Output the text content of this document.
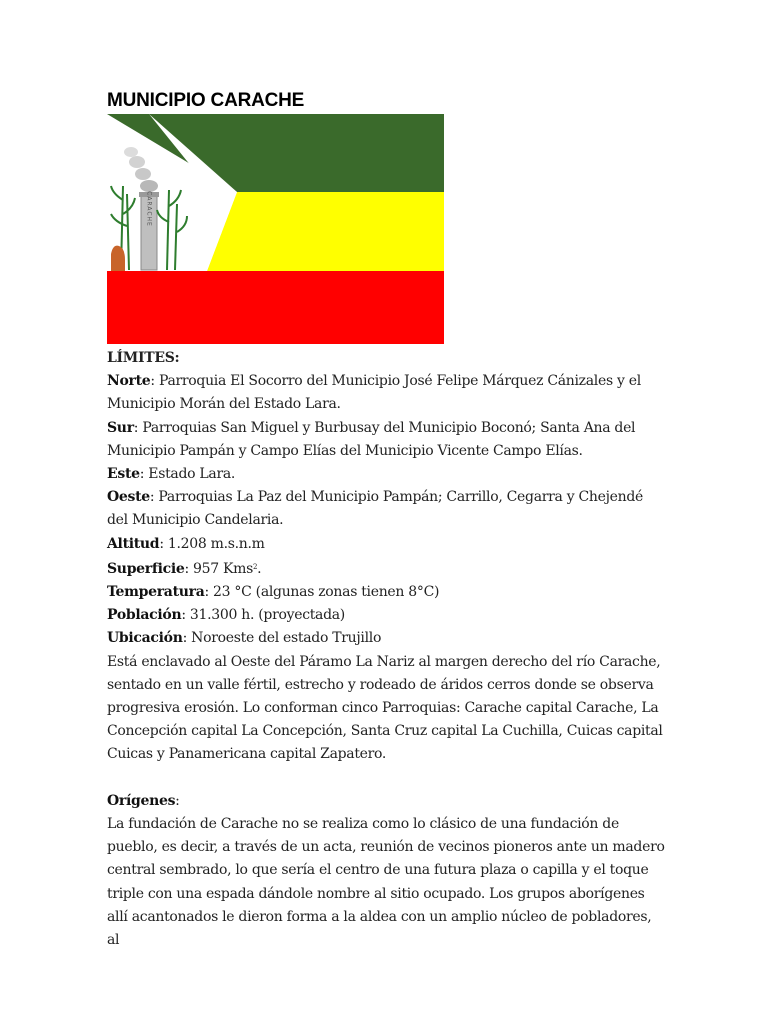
MUNICIPIO CARACHE
CARACHE

LÍMITES:

Norte: Parroquia El Socorro del Municipio José Felipe Márquez Cánizales y el Municipio Morán del Estado Lara.

Sur: Parroquias San Miguel y Burbusay del Municipio Boconó; Santa Ana del Municipio Pampán y Campo Elías del Municipio Vicente Campo Elías.

Este: Estado Lara.

Oeste: Parroquias La Paz del Municipio Pampán; Carrillo, Cegarra y Chejendé del Municipio Candelaria.

Altitud: 1.208 m.s.n.m

Superficie: 957 Kms$^2$.

Temperatura: 23 °C (algunas zonas tienen 8°C)

Población: 31.300 h. (proyectada)

Ubicación: Noroeste del estado Trujillo

Está enclavado al Oeste del Páramo La Nariz al margen derecho del río Carache, sentado en un valle fértil, estrecho y rodeado de áridos cerros donde se observa progresiva erosión. Lo conforman cinco Parroquias: Carache capital Carache, La Concepción capital La Concepción, Santa Cruz capital La Cuchilla, Cuicas capital Cuicas y Panamericana capital Zapatero.

Orígenes:

La fundación de Carache no se realiza como lo clásico de una fundación de pueblo, es decir, a través de un acta, reunión de vecinos pioneros ante un madero central sembrado, lo que sería el centro de una futura plaza o capilla y el toque triple con una espada dándole nombre al sitio ocupado. Los grupos aborígenes allí acantonados le dieron forma a la aldea con un amplio núcleo de pobladores, al
